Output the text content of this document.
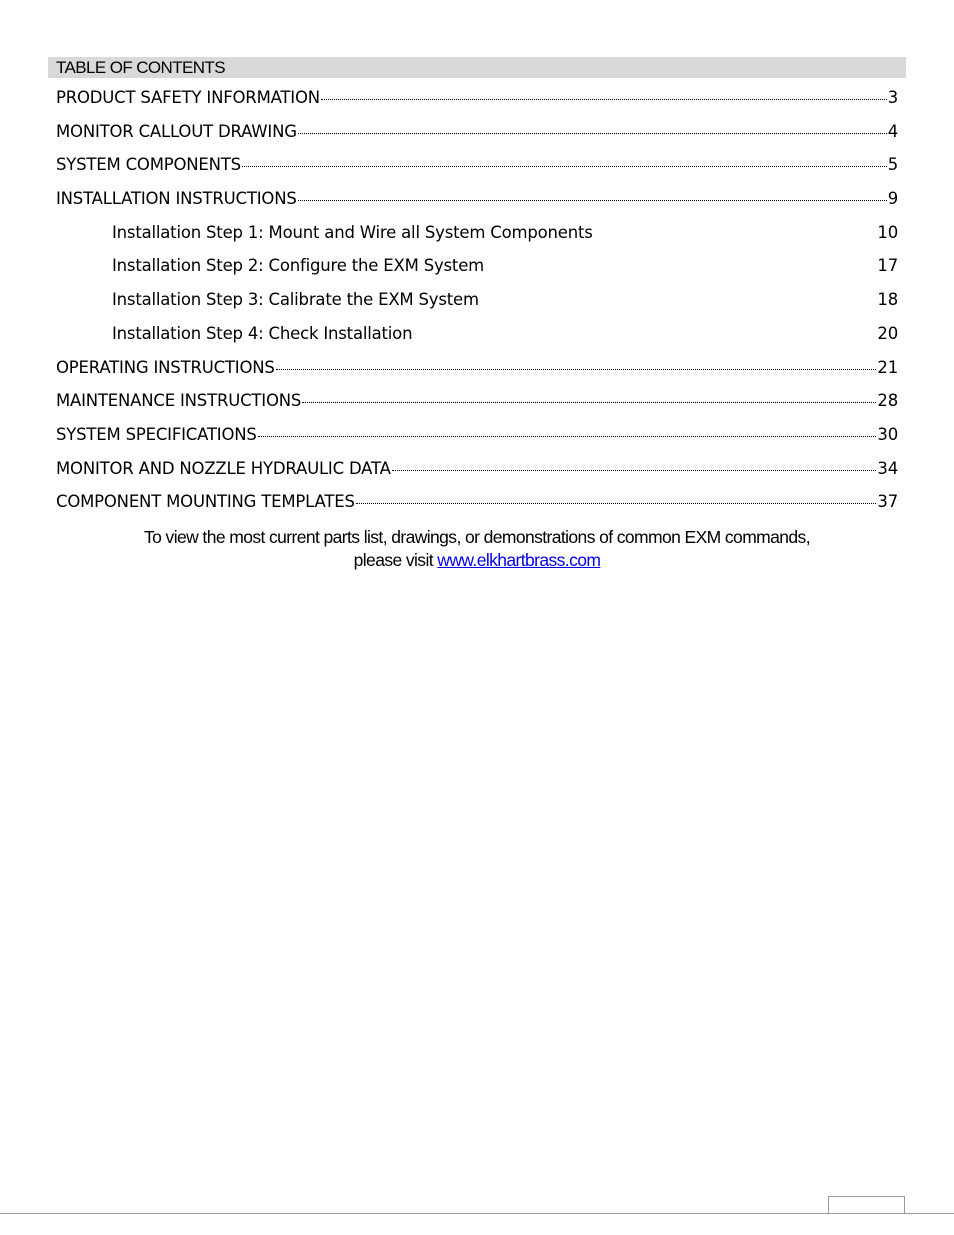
TABLE OF CONTENTS
PRODUCT SAFETY INFORMATION	3
MONITOR CALLOUT DRAWING	4
SYSTEM COMPONENTS	5
INSTALLATION INSTRUCTIONS	9
Installation Step 1: Mount and Wire all System Components	10
Installation Step 2: Configure the EXM System	17
Installation Step 3: Calibrate the EXM System	18
Installation Step 4: Check Installation	20
OPERATING INSTRUCTIONS	21
MAINTENANCE INSTRUCTIONS	28
SYSTEM SPECIFICATIONS	30
MONITOR AND NOZZLE HYDRAULIC DATA	34
COMPONENT MOUNTING TEMPLATES	37
To view the most current parts list, drawings, or demonstrations of common EXM commands,
please visit www.elkhartbrass.com
